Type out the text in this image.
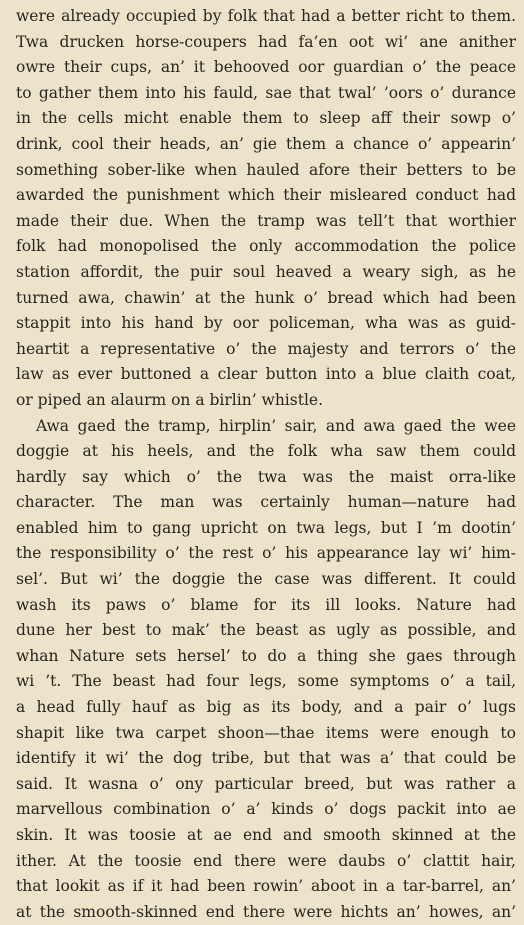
were already occupied by folk that had a better richt to them.
Twa drucken horse-coupers had fa’en oot wi’ ane anither
owre their cups, an’ it behooved oor guardian o’ the peace
to gather them into his fauld, sae that twal’ ’oors o’ durance
in the cells micht enable them to sleep aff their sowp o’
drink, cool their heads, an’ gie them a chance o’ appearin’
something sober-like when hauled afore their betters to be
awarded the punishment which their misleared conduct had
made their due. When the tramp was tell’t that worthier
folk had monopolised the only accommodation the police
station affordit, the puir soul heaved a weary sigh, as he
turned awa, chawin’ at the hunk o’ bread which had been
stappit into his hand by oor policeman, wha was as guid-
heartit a representative o’ the majesty and terrors o’ the
law as ever buttoned a clear button into a blue claith coat,
or piped an alaurm on a birlin’ whistle.
Awa gaed the tramp, hirplin’ sair, and awa gaed the wee
doggie at his heels, and the folk wha saw them could
hardly say which o’ the twa was the maist orra-like
character. The man was certainly human—nature had
enabled him to gang upricht on twa legs, but I ’m dootin’
the responsibility o’ the rest o’ his appearance lay wi’ him-
sel’. But wi’ the doggie the case was different. It could
wash its paws o’ blame for its ill looks. Nature had
dune her best to mak’ the beast as ugly as possible, and
whan Nature sets hersel’ to do a thing she gaes through
wi ’t. The beast had four legs, some symptoms o’ a tail,
a head fully hauf as big as its body, and a pair o’ lugs
shapit like twa carpet shoon—thae items were enough to
identify it wi’ the dog tribe, but that was a’ that could be
said. It wasna o’ ony particular breed, but was rather a
marvellous combination o’ a’ kinds o’ dogs packit into ae
skin. It was toosie at ae end and smooth skinned at the
ither. At the toosie end there were daubs o’ clattit hair,
that lookit as if it had been rowin’ aboot in a tar-barrel, an’
at the smooth-skinned end there were hichts an’ howes, an’
